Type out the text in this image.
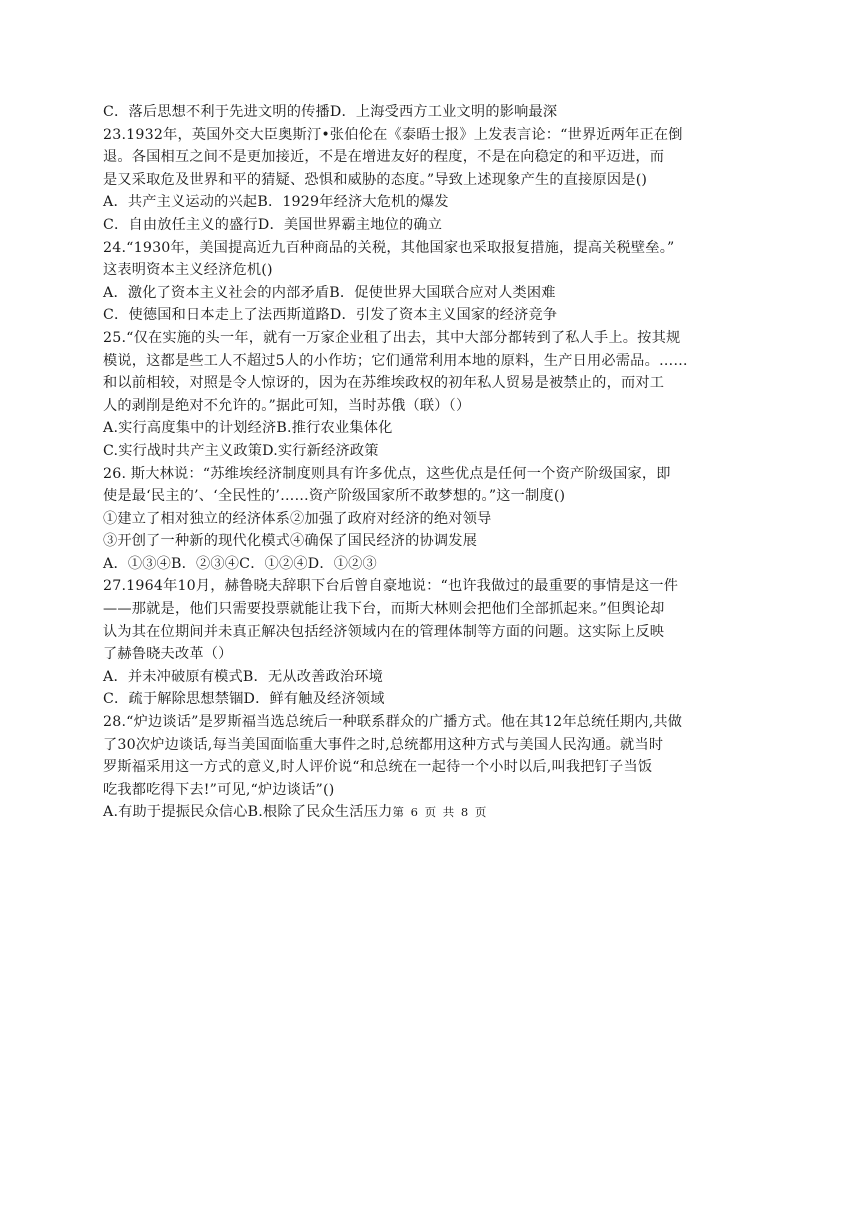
C．落后思想不利于先进文明的传播D．上海受西方工业文明的影响最深
23.1932年，英国外交大臣奥斯汀•张伯伦在《泰晤士报》上发表言论：“世界近两年正在倒
退。各国相互之间不是更加接近，不是在增进友好的程度，不是在向稳定的和平迈进，而
是又采取危及世界和平的猜疑、恐惧和威胁的态度。”导致上述现象产生的直接原因是()
A．共产主义运动的兴起B．1929年经济大危机的爆发
C．自由放任主义的盛行D．美国世界霸主地位的确立
24.“1930年，美国提高近九百种商品的关税，其他国家也采取报复措施，提高关税壁垒。”
这表明资本主义经济危机()
A．激化了资本主义社会的内部矛盾B．促使世界大国联合应对人类困难
C．使德国和日本走上了法西斯道路D．引发了资本主义国家的经济竞争
25.“仅在实施的头一年，就有一万家企业租了出去，其中大部分都转到了私人手上。按其规
模说，这都是些工人不超过5人的小作坊；它们通常利用本地的原料，生产日用必需品。……
和以前相较，对照是令人惊讶的，因为在苏维埃政权的初年私人贸易是被禁止的，而对工
人的剥削是绝对不允许的。”据此可知，当时苏俄（联）（）
A.实行高度集中的计划经济B.推行农业集体化
C.实行战时共产主义政策D.实行新经济政策
26. 斯大林说：“苏维埃经济制度则具有许多优点，这些优点是任何一个资产阶级国家，即
使是最‘民主的’、‘全民性的’……资产阶级国家所不敢梦想的。”这一制度()
①建立了相对独立的经济体系②加强了政府对经济的绝对领导
③开创了一种新的现代化模式④确保了国民经济的协调发展
A．①③④B．②③④C．①②④D．①②③
27.1964年10月，赫鲁晓夫辞职下台后曾自豪地说：“也许我做过的最重要的事情是这一件
——那就是，他们只需要投票就能让我下台，而斯大林则会把他们全部抓起来。”但舆论却
认为其在位期间并未真正解决包括经济领域内在的管理体制等方面的问题。这实际上反映
了赫鲁晓夫改革（）
A．并未冲破原有模式B．无从改善政治环境
C．疏于解除思想禁锢D．鲜有触及经济领域
28.“炉边谈话”是罗斯福当选总统后一种联系群众的广播方式。他在其12年总统任期内,共做
了30次炉边谈话,每当美国面临重大事件之时,总统都用这种方式与美国人民沟通。就当时
罗斯福采用这一方式的意义,时人评价说“和总统在一起待一个小时以后,叫我把钉子当饭
吃我都吃得下去!”可见,“炉边谈话”()
A.有助于提振民众信心B.根除了民众生活压力第 6 页 共 8 页
